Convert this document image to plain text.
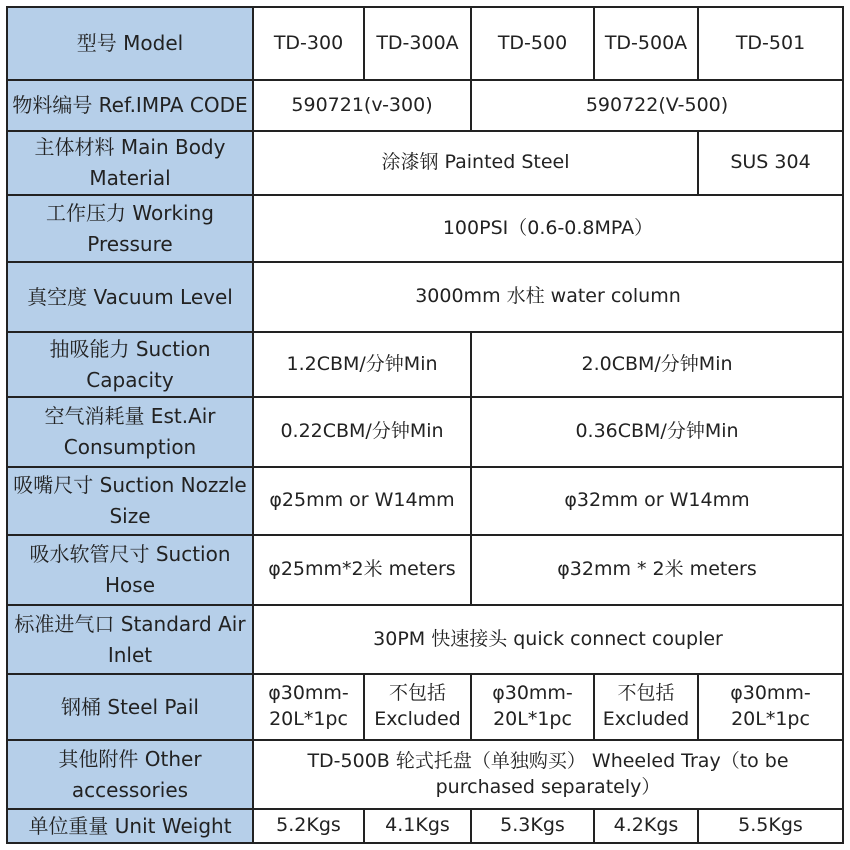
型号 Model	TD-300	TD-300A	TD-500	TD-500A	TD-501
物料编号 Ref.IMPA CODE	590721(v-300)		590722(V-500)		
主体材料 Main Body Material	涂漆钢 Painted Steel				SUS 304
工作压力 Working Pressure	100PSI（0.6-0.8MPA）				
真空度 Vacuum Level	3000mm 水柱 water column				
抽吸能力 Suction Capacity	1.2CBM/分钟Min		2.0CBM/分钟Min		
空气消耗量 Est.Air Consumption	0.22CBM/分钟Min		0.36CBM/分钟Min		
吸嘴尺寸 Suction Nozzle Size	φ25mm or W14mm		φ32mm or W14mm		
吸水软管尺寸 Suction Hose	φ25mm*2米 meters		φ32mm * 2米 meters		
标准进气口 Standard Air Inlet	30PM 快速接头 quick connect coupler				
钢桶 Steel Pail	φ30mm-20L*1pc	不包括 Excluded	φ30mm-20L*1pc	不包括 Excluded	φ30mm-20L*1pc
其他附件 Other accessories	TD-500B 轮式托盘（单独购买） Wheeled Tray（to be purchased separately）				
单位重量 Unit Weight	5.2Kgs	4.1Kgs	5.3Kgs	4.2Kgs	5.5Kgs
